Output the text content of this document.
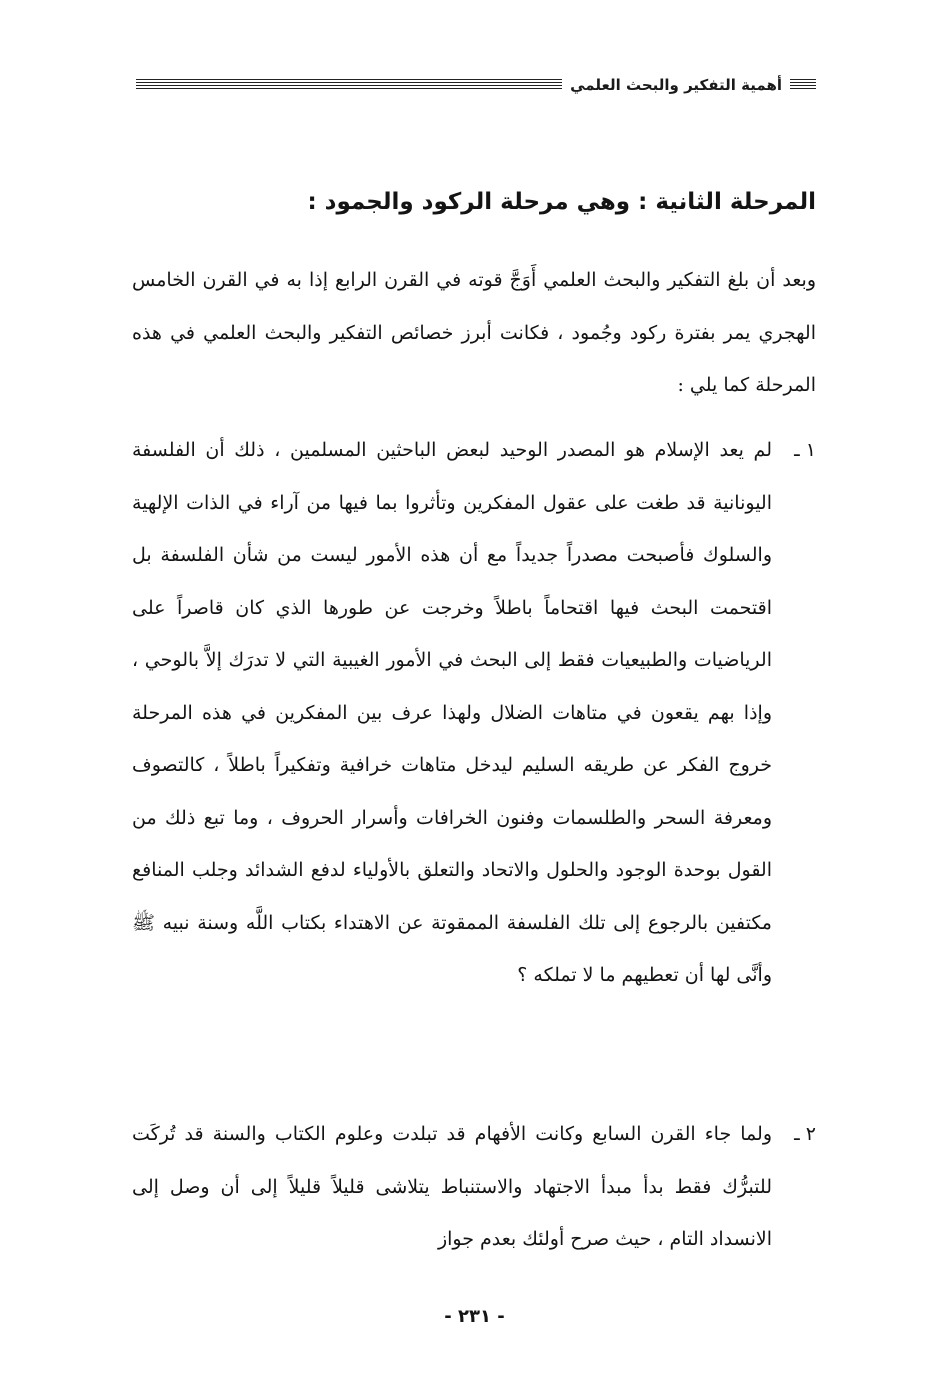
أهمية التفكير والبحث العلمي
المرحلة الثانية : وهي مرحلة الركود والجمود :

وبعد أن بلغ التفكير والبحث العلمي أَوَجَّ قوته في القرن الرابع إذا به في القرن الخامس الهجري يمر بفترة ركود وجُمود ، فكانت أبرز خصائص التفكير والبحث العلمي في هذه المرحلة كما يلي :

١ ـ

لم يعد الإسلام هو المصدر الوحيد لبعض الباحثين المسلمين ، ذلك أن الفلسفة اليونانية قد طغت على عقول المفكرين وتأثروا بما فيها من آراء في الذات الإلهية والسلوك فأصبحت مصدراً جديداً مع أن هذه الأمور ليست من شأن الفلسفة بل اقتحمت البحث فيها اقتحاماً باطلاً وخرجت عن طورها الذي كان قاصراً على الرياضيات والطبيعيات فقط إلى البحث في الأمور الغيبية التي لا تدرَك إلاَّ بالوحي ، وإذا بهم يقعون في متاهات الضلال ولهذا عرف بين المفكرين في هذه المرحلة خروج الفكر عن طريقه السليم ليدخل متاهات خرافية وتفكيراً باطلاً ، كالتصوف ومعرفة السحر والطلسمات وفنون الخرافات وأسرار الحروف ، وما تبع ذلك من القول بوحدة الوجود والحلول والاتحاد والتعلق بالأولياء لدفع الشدائد وجلب المنافع مكتفين بالرجوع إلى تلك الفلسفة الممقوتة عن الاهتداء بكتاب اللَّه وسنة نبيه ﷺ وأنَّى لها أن تعطيهم ما لا تملكه ؟

٢ ـ

ولما جاء القرن السابع وكانت الأفهام قد تبلدت وعلوم الكتاب والسنة قد تُركَت للتبرُّك فقط بدأ مبدأ الاجتهاد والاستنباط يتلاشى قليلاً قليلاً إلى أن وصل إلى الانسداد التام ، حيث صرح أولئك بعدم جواز

- ٢٣١ -
